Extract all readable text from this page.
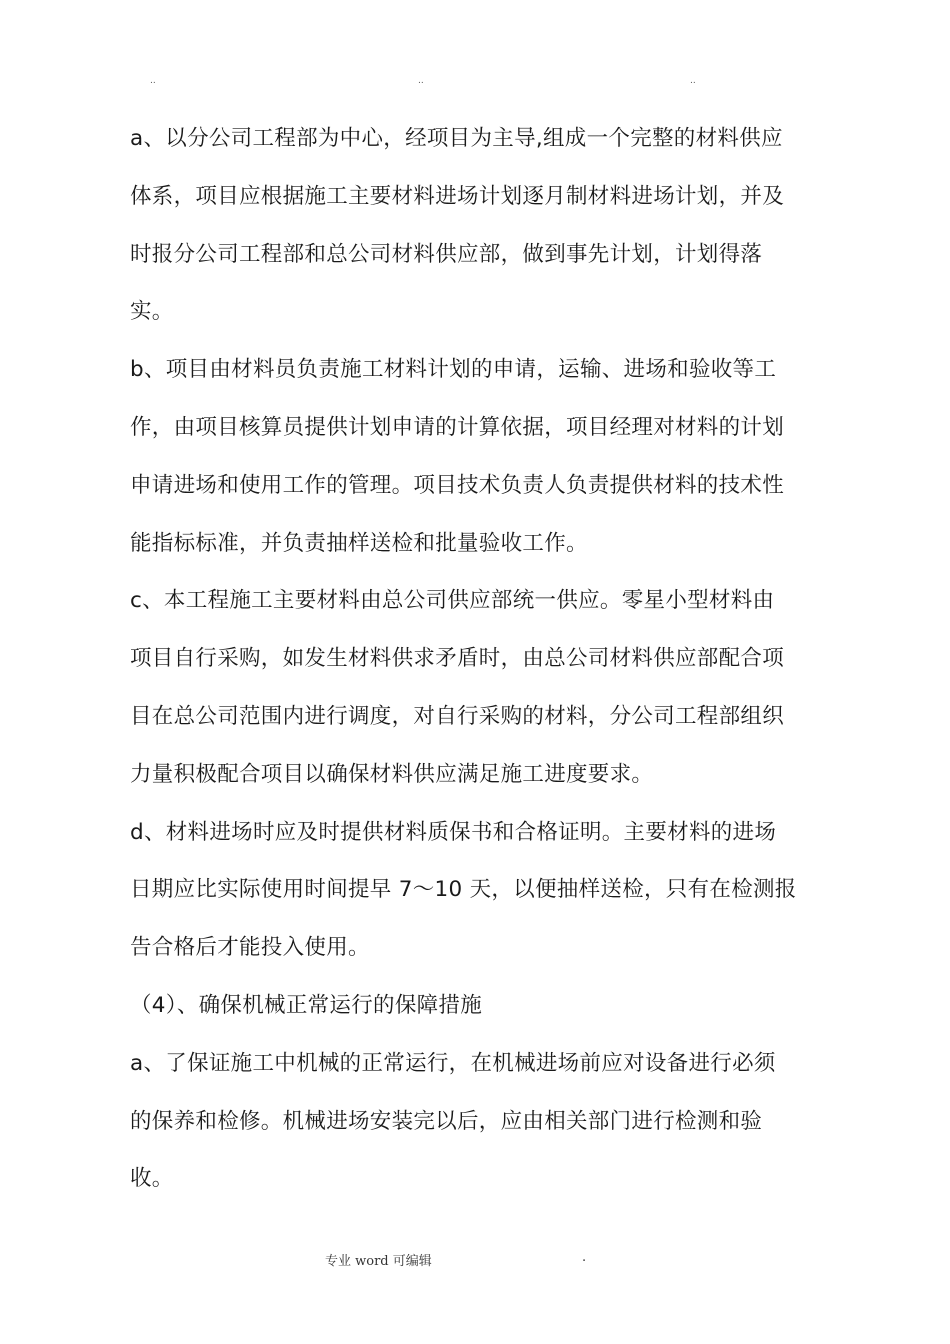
..	..	..

a、以分公司工程部为中心，经项目为主导,组成一个完整的材料供应
体系，项目应根据施工主要材料进场计划逐月制材料进场计划，并及
时报分公司工程部和总公司材料供应部，做到事先计划，计划得落
实。

b、项目由材料员负责施工材料计划的申请，运输、进场和验收等工
作，由项目核算员提供计划申请的计算依据，项目经理对材料的计划
申请进场和使用工作的管理。项目技术负责人负责提供材料的技术性
能指标标准，并负责抽样送检和批量验收工作。

c、本工程施工主要材料由总公司供应部统一供应。零星小型材料由
项目自行采购，如发生材料供求矛盾时，由总公司材料供应部配合项
目在总公司范围内进行调度，对自行采购的材料，分公司工程部组织
力量积极配合项目以确保材料供应满足施工进度要求。

d、材料进场时应及时提供材料质保书和合格证明。主要材料的进场
日期应比实际使用时间提早 7～10 天，以便抽样送检，只有在检测报
告合格后才能投入使用。

（4）、确保机械正常运行的保障措施

a、了保证施工中机械的正常运行，在机械进场前应对设备进行必须
的保养和检修。机械进场安装完以后，应由相关部门进行检测和验
收。

专业 word 可编辑	.
